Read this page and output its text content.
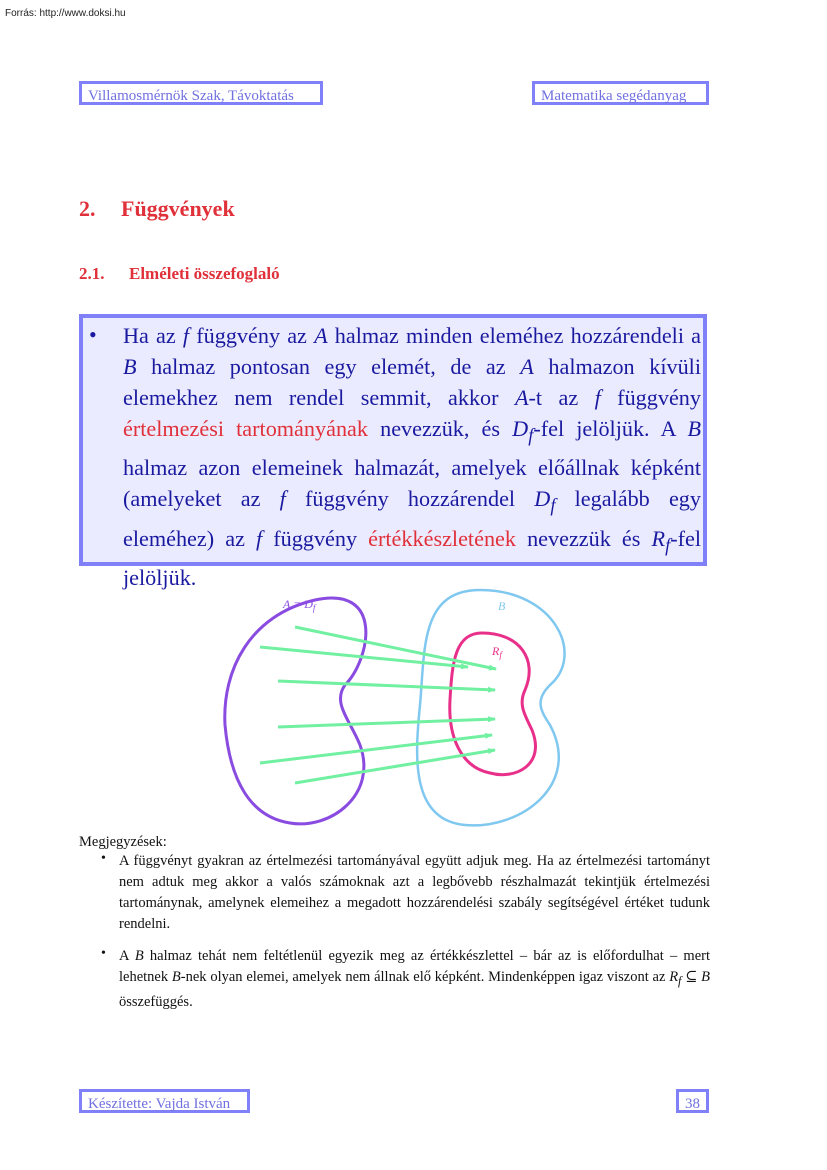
Forrás: http://www.doksi.hu
Villamosmérnök Szak, Távoktatás	Matematika segédanyag
2. Függvények
2.1. Elméleti összefoglaló
• Ha az f függvény az A halmaz minden eleméhez hozzárendeli a B halmaz pontosan egy elemét, de az A halmazon kívüli elemekhez nem rendel semmit, akkor A-t az f függvény értelmezési tartományának nevezzük, és $D_f$-fel jelöljük. A B halmaz azon elemeinek halmazát, amelyek előállnak képként (amelyeket az f függvény hozzárendel $D_f$ legalább egy eleméhez) az f függvény értékkészletének nevezzük és $R_f$-fel jelöljük.
$A = D_f$	B
$R_f$
Megjegyzések:
• A függvényt gyakran az értelmezési tartományával együtt adjuk meg. Ha az értelmezési tartományt nem adtuk meg akkor a valós számoknak azt a legbővebb részhalmazát tekintjük értelmezési tartománynak, amelynek elemeihez a megadott hozzárendelési szabály segítségével értéket tudunk rendelni.
• A B halmaz tehát nem feltétlenül egyezik meg az értékkészlettel – bár az is előfordulhat – mert lehetnek B-nek olyan elemei, amelyek nem állnak elő képként. Mindenképpen igaz viszont az $R_f$ ⊆ B összefüggés.
Készítette: Vajda István	38
